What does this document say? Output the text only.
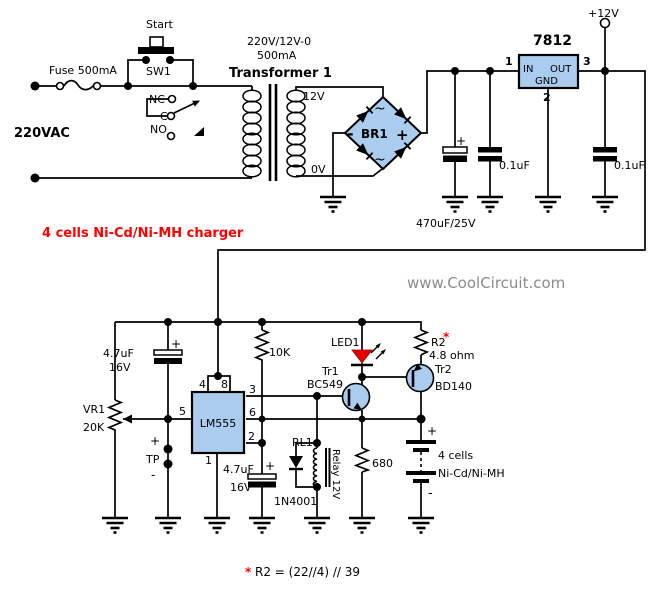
Start
SW1
Fuse 500mA
220VAC
NC
C
NO
220V/12V-0
500mA
Transformer 1
12V
0V
BR1 +
-
~
~
7812
IN OUT
GND
1	3
2
+12V
+
470uF/25V
0.1uF	0.1uF
4 cells Ni-Cd/Ni-MH charger
www.CoolCircuit.com
4.7uF
16V
+
VR1
20K
+
TP
-
LM555
4 8
5
3
6
2
1
10K
4.7uF +
16V
LED1
Tr1
BC549
R2
*
4.8 ohm
Tr2
BD140
RL1
Relay 12V
1N4001
680
+
4 cells
Ni-Cd/Ni-MH
-
* R2 = (22//4) // 39
